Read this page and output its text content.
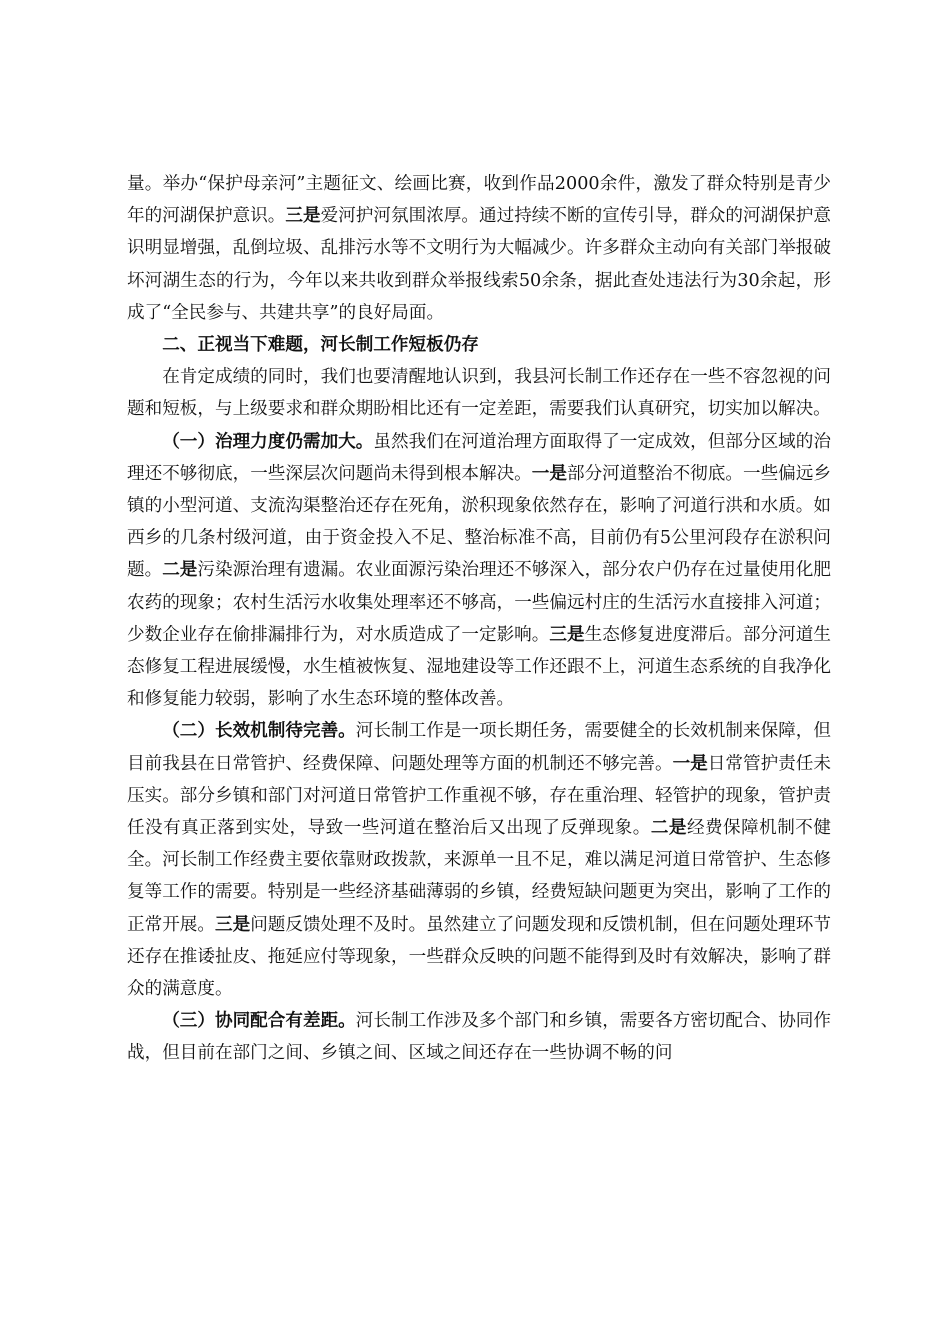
量。举办“保护母亲河”主题征文、绘画比赛，收到作品2000余件，激发了群众特别是青少年的河湖保护意识。三是爱河护河氛围浓厚。通过持续不断的宣传引导，群众的河湖保护意识明显增强，乱倒垃圾、乱排污水等不文明行为大幅减少。许多群众主动向有关部门举报破坏河湖生态的行为，今年以来共收到群众举报线索50余条，据此查处违法行为30余起，形成了“全民参与、共建共享”的良好局面。

二、正视当下难题，河长制工作短板仍存

在肯定成绩的同时，我们也要清醒地认识到，我县河长制工作还存在一些不容忽视的问题和短板，与上级要求和群众期盼相比还有一定差距，需要我们认真研究，切实加以解决。

（一）治理力度仍需加大。虽然我们在河道治理方面取得了一定成效，但部分区域的治理还不够彻底，一些深层次问题尚未得到根本解决。一是部分河道整治不彻底。一些偏远乡镇的小型河道、支流沟渠整治还存在死角，淤积现象依然存在，影响了河道行洪和水质。如西乡的几条村级河道，由于资金投入不足、整治标准不高，目前仍有5公里河段存在淤积问题。二是污染源治理有遗漏。农业面源污染治理还不够深入，部分农户仍存在过量使用化肥农药的现象；农村生活污水收集处理率还不够高，一些偏远村庄的生活污水直接排入河道；少数企业存在偷排漏排行为，对水质造成了一定影响。三是生态修复进度滞后。部分河道生态修复工程进展缓慢，水生植被恢复、湿地建设等工作还跟不上，河道生态系统的自我净化和修复能力较弱，影响了水生态环境的整体改善。

（二）长效机制待完善。河长制工作是一项长期任务，需要健全的长效机制来保障，但目前我县在日常管护、经费保障、问题处理等方面的机制还不够完善。一是日常管护责任未压实。部分乡镇和部门对河道日常管护工作重视不够，存在重治理、轻管护的现象，管护责任没有真正落到实处，导致一些河道在整治后又出现了反弹现象。二是经费保障机制不健全。河长制工作经费主要依靠财政拨款，来源单一且不足，难以满足河道日常管护、生态修复等工作的需要。特别是一些经济基础薄弱的乡镇，经费短缺问题更为突出，影响了工作的正常开展。三是问题反馈处理不及时。虽然建立了问题发现和反馈机制，但在问题处理环节还存在推诿扯皮、拖延应付等现象，一些群众反映的问题不能得到及时有效解决，影响了群众的满意度。

（三）协同配合有差距。河长制工作涉及多个部门和乡镇，需要各方密切配合、协同作战，但目前在部门之间、乡镇之间、区域之间还存在一些协调不畅的问
